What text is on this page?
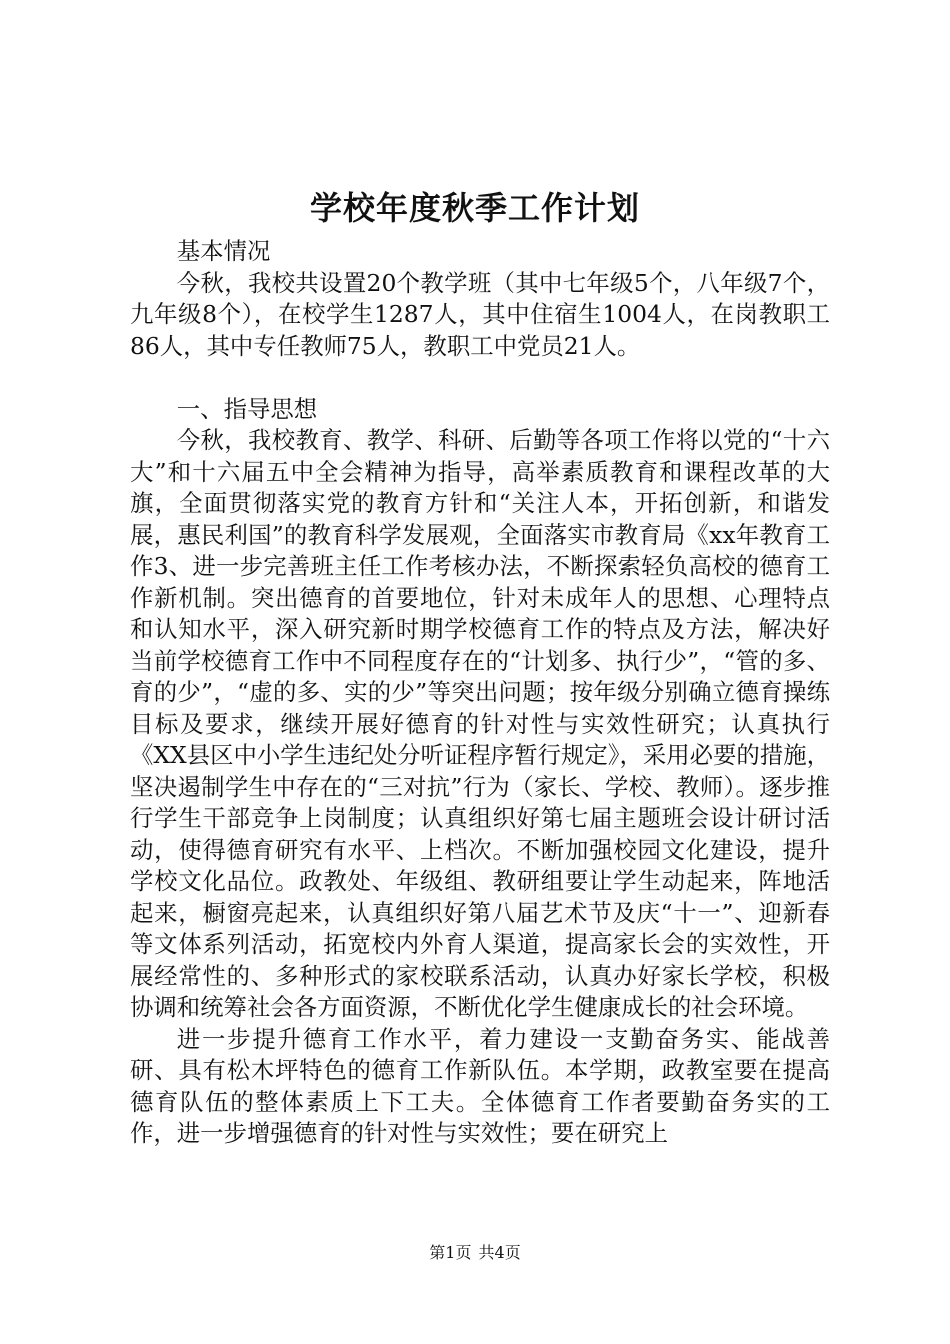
学校年度秋季工作计划

基本情况

今秋，我校共设置20个教学班（其中七年级5个，八年级7个，九年级8个），在校学生1287人，其中住宿生1004人，在岗教职工86人，其中专任教师75人，教职工中党员21人。

一、指导思想

今秋，我校教育、教学、科研、后勤等各项工作将以党的“十六大”和十六届五中全会精神为指导，高举素质教育和课程改革的大旗，全面贯彻落实党的教育方针和“关注人本，开拓创新，和谐发展，惠民利国”的教育科学发展观，全面落实市教育局《xx年教育工作3、进一步完善班主任工作考核办法，不断探索轻负高校的德育工作新机制。突出德育的首要地位，针对未成年人的思想、心理特点和认知水平，深入研究新时期学校德育工作的特点及方法，解决好当前学校德育工作中不同程度存在的“计划多、执行少”，“管的多、育的少”，“虚的多、实的少”等突出问题；按年级分别确立德育操练目标及要求，继续开展好德育的针对性与实效性研究；认真执行《XX县区中小学生违纪处分听证程序暂行规定》，采用必要的措施，坚决遏制学生中存在的“三对抗”行为（家长、学校、教师）。逐步推行学生干部竞争上岗制度；认真组织好第七届主题班会设计研讨活动，使得德育研究有水平、上档次。不断加强校园文化建设，提升学校文化品位。政教处、年级组、教研组要让学生动起来，阵地活起来，橱窗亮起来，认真组织好第八届艺术节及庆“十一”、迎新春等文体系列活动，拓宽校内外育人渠道，提高家长会的实效性，开展经常性的、多种形式的家校联系活动，认真办好家长学校，积极协调和统筹社会各方面资源，不断优化学生健康成长的社会环境。

进一步提升德育工作水平，着力建设一支勤奋务实、能战善研、具有松木坪特色的德育工作新队伍。本学期，政教室要在提高德育队伍的整体素质上下工夫。全体德育工作者要勤奋务实的工作，进一步增强德育的针对性与实效性；要在研究上

第1页 共4页
